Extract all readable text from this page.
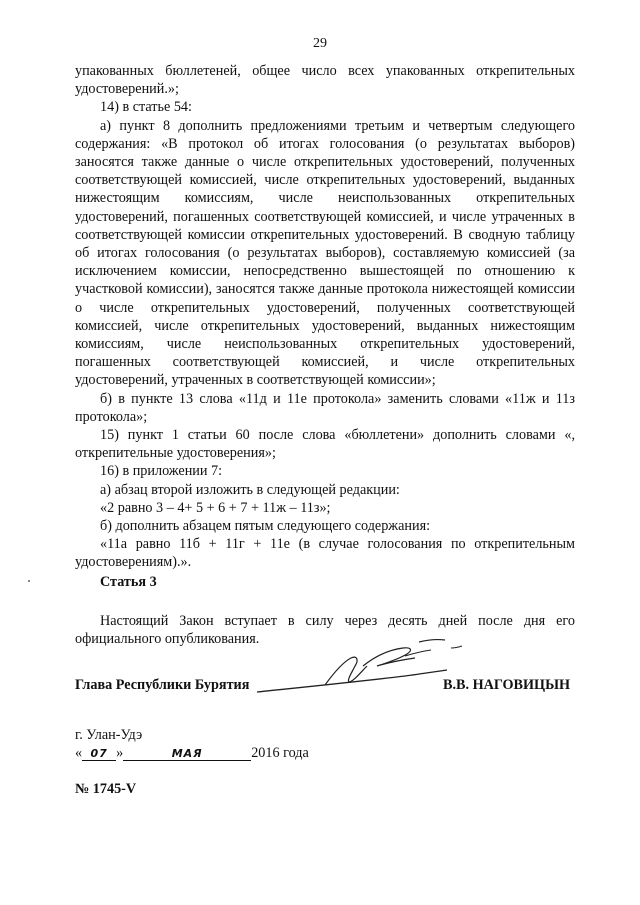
29

упакованных бюллетеней, общее число всех упакованных открепительных удостоверений.»;

14) в статье 54:

а) пункт 8 дополнить предложениями третьим и четвертым следующего содержания: «В протокол об итогах голосования (о результатах выборов) заносятся также данные о числе открепительных удостоверений, полученных соответствующей комиссией, числе открепительных удостоверений, выданных нижестоящим комиссиям, числе неиспользованных открепительных удостоверений, погашенных соответствующей комиссией, и числе утраченных в соответствующей комиссии открепительных удостоверений. В сводную таблицу об итогах голосования (о результатах выборов), составляемую комиссией (за исключением комиссии, непосредственно вышестоящей по отношению к участковой комиссии), заносятся также данные протокола нижестоящей комиссии о числе открепительных удостоверений, полученных соответствующей комиссией, числе открепительных удостоверений, выданных нижестоящим комиссиям, числе неиспользованных открепительных удостоверений, погашенных соответствующей комиссией, и числе открепительных удостоверений, утраченных в соответствующей комиссии»;

б) в пункте 13 слова «11д и 11е протокола» заменить словами «11ж и 11з протокола»;

15) пункт 1 статьи 60 после слова «бюллетени» дополнить словами «, открепительные удостоверения»;

16) в приложении 7:

а) абзац второй изложить в следующей редакции:

«2 равно 3 – 4+ 5 + 6 + 7 + 11ж – 11з»;

б) дополнить абзацем пятым следующего содержания:

«11а равно 11б + 11г + 11е (в случае голосования по открепительным удостоверениям).».

Статья 3

Настоящий Закон вступает в силу через десять дней после дня его официального опубликования.

Глава Республики Бурятия	В.В. НАГОВИЦЫН
г. Улан-Удэ
« 07 »	МАЯ	2016 года
№ 1745-V
